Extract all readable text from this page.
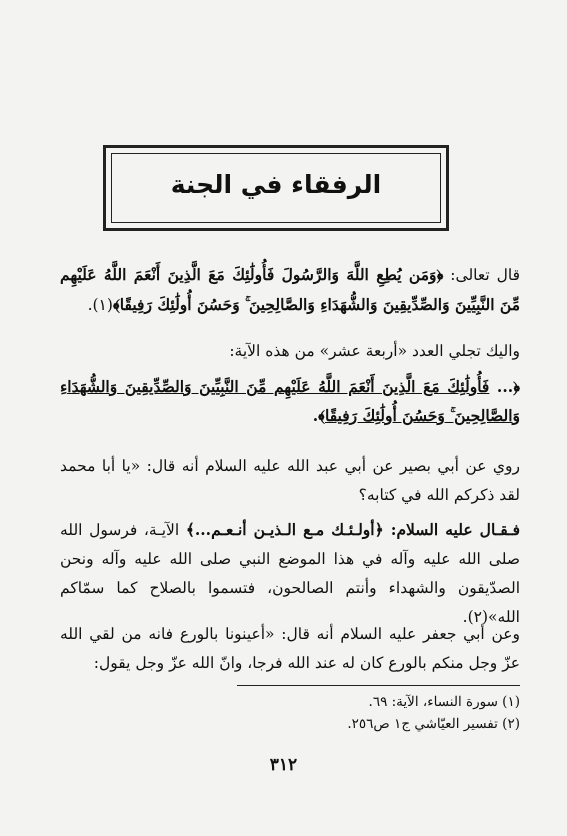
الرفقاء في الجنة
قال تعالى: ﴿وَمَن يُطِعِ اللَّهَ وَالرَّسُولَ فَأُولَٰئِكَ مَعَ الَّذِينَ أَنْعَمَ اللَّهُ عَلَيْهِم مِّنَ النَّبِيِّينَ وَالصِّدِّيقِينَ وَالشُّهَدَاءِ وَالصَّالِحِينَ ۚ وَحَسُنَ أُولَٰئِكَ رَفِيقًا﴾(١).
واليك تجلي العدد «أربعة عشر» من هذه الآية:
﴿... فَأُولَٰئِكَ مَعَ الَّذِينَ أَنْعَمَ اللَّهُ عَلَيْهِم مِّنَ النَّبِيِّينَ وَالصِّدِّيقِينَ وَالشُّهَدَاءِ وَالصَّالِحِينَ ۚ وَحَسُنَ أُولَٰئِكَ رَفِيقًا﴾.
روي عن أبي بصير عن أبي عبد الله عليه السلام أنه قال: «يا أبا محمد لقد ذكركم الله في كتابه؟
فـقـال عليه السلام: ﴿أولـئـك مـع الـذيـن أنـعـم...﴾ الآيـة، فرسول الله صلى الله عليه وآله في هذا الموضع النبي صلى الله عليه وآله ونحن الصدّيقون والشهداء وأنتم الصالحون، فتسموا بالصلاح كما سمّاكم الله»(٢).
وعن أبي جعفر عليه السلام أنه قال: «أعينونا بالورع فانه من لقي الله عزّ وجل منكم بالورع كان له عند الله فرجا، وانّ الله عزّ وجل يقول:
(١) سورة النساء، الآية: ٦٩.
(٢) تفسير العيّاشي ج١ ص٢٥٦.
٣١٢
